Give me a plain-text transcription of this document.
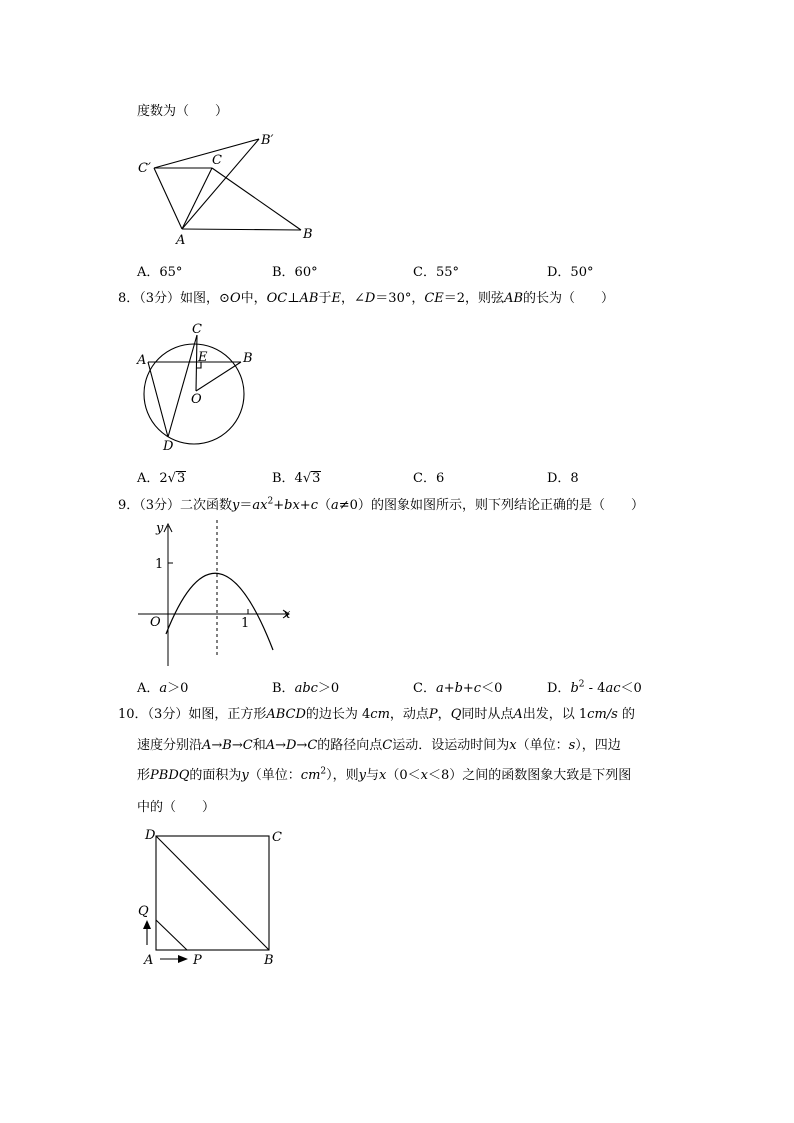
度数为（　　）
C′
C
B′
A	B
A．65°	B．60°	C．55°	D．50°
8．（3分）如图，⊙O中，OC⊥AB于E，∠D＝30°，CE＝2，则弦AB的长为（　　）
C
A	B
E
O
D
A．2√3	B．4√3	C．6	D．8
9．（3分）二次函数$y=ax^2+bx+c(a\ne 0)$的图象如图所示，则下列结论正确的是（　　）
y
x
O
1
1
A．a＞0	B．abc＞0	C．a+b+c＜0	D．$b^2 - 4ac<0$
10．（3分）如图，正方形ABCD的边长为 4cm，动点P，Q同时从点A出发，以 1cm/s 的
速度分别沿A→B→C和A→D→C的路径向点C运动．设运动时间为x（单位：s），四边
形PBDQ的面积为y（单位：$cm^2$），则y与x（0＜x＜8）之间的函数图象大致是下列图
中的（　　）
D	C
Q
A	P	B
